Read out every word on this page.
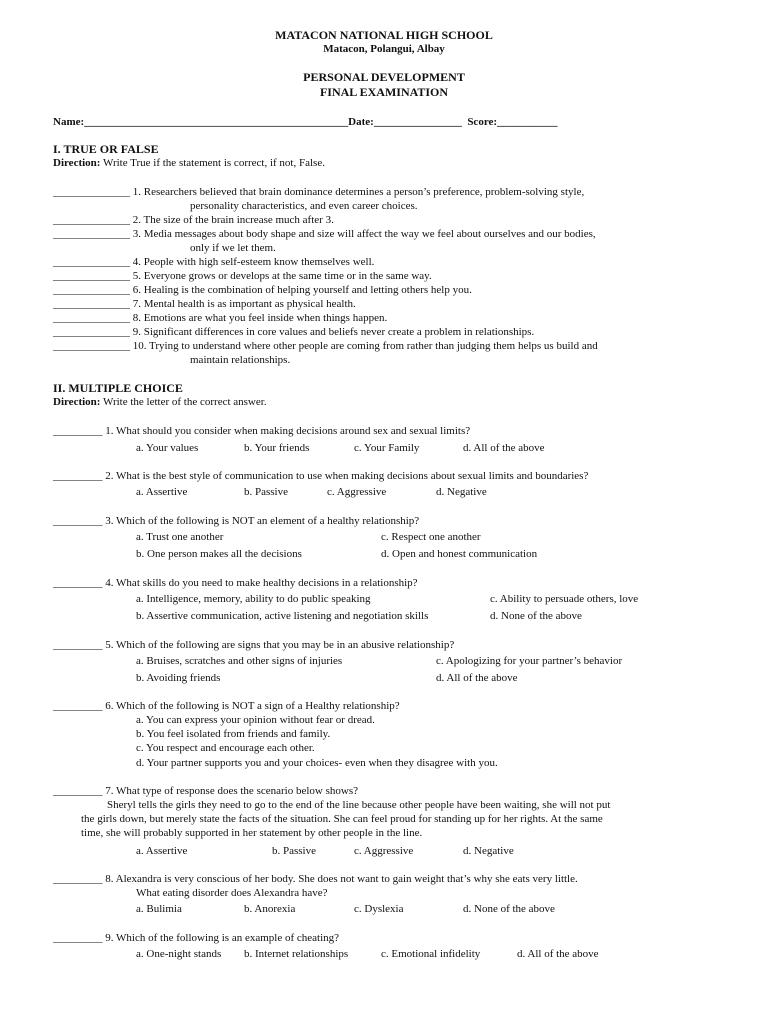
MATACON NATIONAL HIGH SCHOOL
Matacon, Polangui, Albay
PERSONAL DEVELOPMENT
FINAL EXAMINATION
Name:________________________________________________Date:________________ Score:___________
I. TRUE OR FALSE
Direction: Write True if the statement is correct, if not, False.
______________ 1. Researchers believed that brain dominance determines a person’s preference, problem-solving style,
personality characteristics, and even career choices.
______________ 2. The size of the brain increase much after 3.
______________ 3. Media messages about body shape and size will affect the way we feel about ourselves and our bodies,
only if we let them.
______________ 4. People with high self-esteem know themselves well.
______________ 5. Everyone grows or develops at the same time or in the same way.
______________ 6. Healing is the combination of helping yourself and letting others help you.
______________ 7. Mental health is as important as physical health.
______________ 8. Emotions are what you feel inside when things happen.
______________ 9. Significant differences in core values and beliefs never create a problem in relationships.
______________ 10. Trying to understand where other people are coming from rather than judging them helps us build and
maintain relationships.
II. MULTIPLE CHOICE
Direction: Write the letter of the correct answer.
_________ 1. What should you consider when making decisions around sex and sexual limits?
a. Your values	b. Your friends	c. Your Family	d. All of the above
_________ 2. What is the best style of communication to use when making decisions about sexual limits and boundaries?
a. Assertive	b. Passive	c. Aggressive	d. Negative
_________ 3. Which of the following is NOT an element of a healthy relationship?
a. Trust one another	c. Respect one another
b. One person makes all the decisions	d. Open and honest communication
_________ 4. What skills do you need to make healthy decisions in a relationship?
a. Intelligence, memory, ability to do public speaking	c. Ability to persuade others, love
b. Assertive communication, active listening and negotiation skills	d. None of the above
_________ 5. Which of the following are signs that you may be in an abusive relationship?
a. Bruises, scratches and other signs of injuries	c. Apologizing for your partner’s behavior
b. Avoiding friends	d. All of the above
_________ 6. Which of the following is NOT a sign of a Healthy relationship?
a. You can express your opinion without fear or dread.
b. You feel isolated from friends and family.
c. You respect and encourage each other.
d. Your partner supports you and your choices- even when they disagree with you.
_________ 7. What type of response does the scenario below shows?
Sheryl tells the girls they need to go to the end of the line because other people have been waiting, she will not put
the girls down, but merely state the facts of the situation. She can feel proud for standing up for her rights. At the same
time, she will probably supported in her statement by other people in the line.
a. Assertive	b. Passive	c. Aggressive	d. Negative
_________ 8. Alexandra is very conscious of her body. She does not want to gain weight that’s why she eats very little.
What eating disorder does Alexandra have?
a. Bulimia	b. Anorexia	c. Dyslexia	d. None of the above
_________ 9. Which of the following is an example of cheating?
a. One-night stands b. Internet relationships	c. Emotional infidelity	d. All of the above
